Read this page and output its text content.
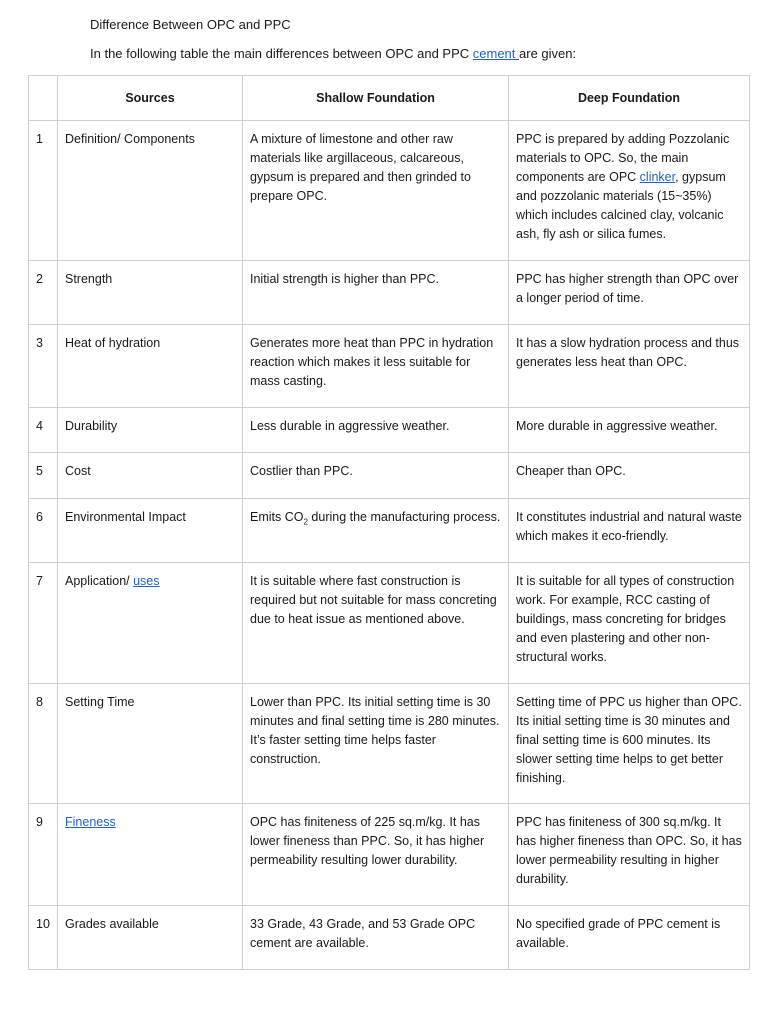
Difference Between OPC and PPC
In the following table the main differences between OPC and PPC cement are given:
	Sources	Shallow Foundation	Deep Foundation
1	Definition/ Components	A mixture of limestone and other raw materials like argillaceous, calcareous, gypsum is prepared and then grinded to prepare OPC.	PPC is prepared by adding Pozzolanic materials to OPC. So, the main components are OPC clinker, gypsum and pozzolanic materials (15~35%) which includes calcined clay, volcanic ash, fly ash or silica fumes.
2	Strength	Initial strength is higher than PPC.	PPC has higher strength than OPC over a longer period of time.
3	Heat of hydration	Generates more heat than PPC in hydration reaction which makes it less suitable for mass casting.	It has a slow hydration process and thus generates less heat than OPC.
4	Durability	Less durable in aggressive weather.	More durable in aggressive weather.
5	Cost	Costlier than PPC.	Cheaper than OPC.
6	Environmental Impact	Emits $CO_2$ during the manufacturing process.	It constitutes industrial and natural waste which makes it eco-friendly.
7	Application/ uses	It is suitable where fast construction is required but not suitable for mass concreting due to heat issue as mentioned above.	It is suitable for all types of construction work. For example, RCC casting of buildings, mass concreting for bridges and even plastering and other non-structural works.
8	Setting Time	Lower than PPC. Its initial setting time is 30 minutes and final setting time is 280 minutes. It’s faster setting time helps faster construction.	Setting time of PPC us higher than OPC. Its initial setting time is 30 minutes and final setting time is 600 minutes. Its slower setting time helps to get better finishing.
9	Fineness	OPC has finiteness of 225 sq.m/kg. It has lower fineness than PPC. So, it has higher permeability resulting lower durability.	PPC has finiteness of 300 sq.m/kg. It has higher fineness than OPC. So, it has lower permeability resulting in higher durability.
10	Grades available	33 Grade, 43 Grade, and 53 Grade OPC cement are available.	No specified grade of PPC cement is available.
